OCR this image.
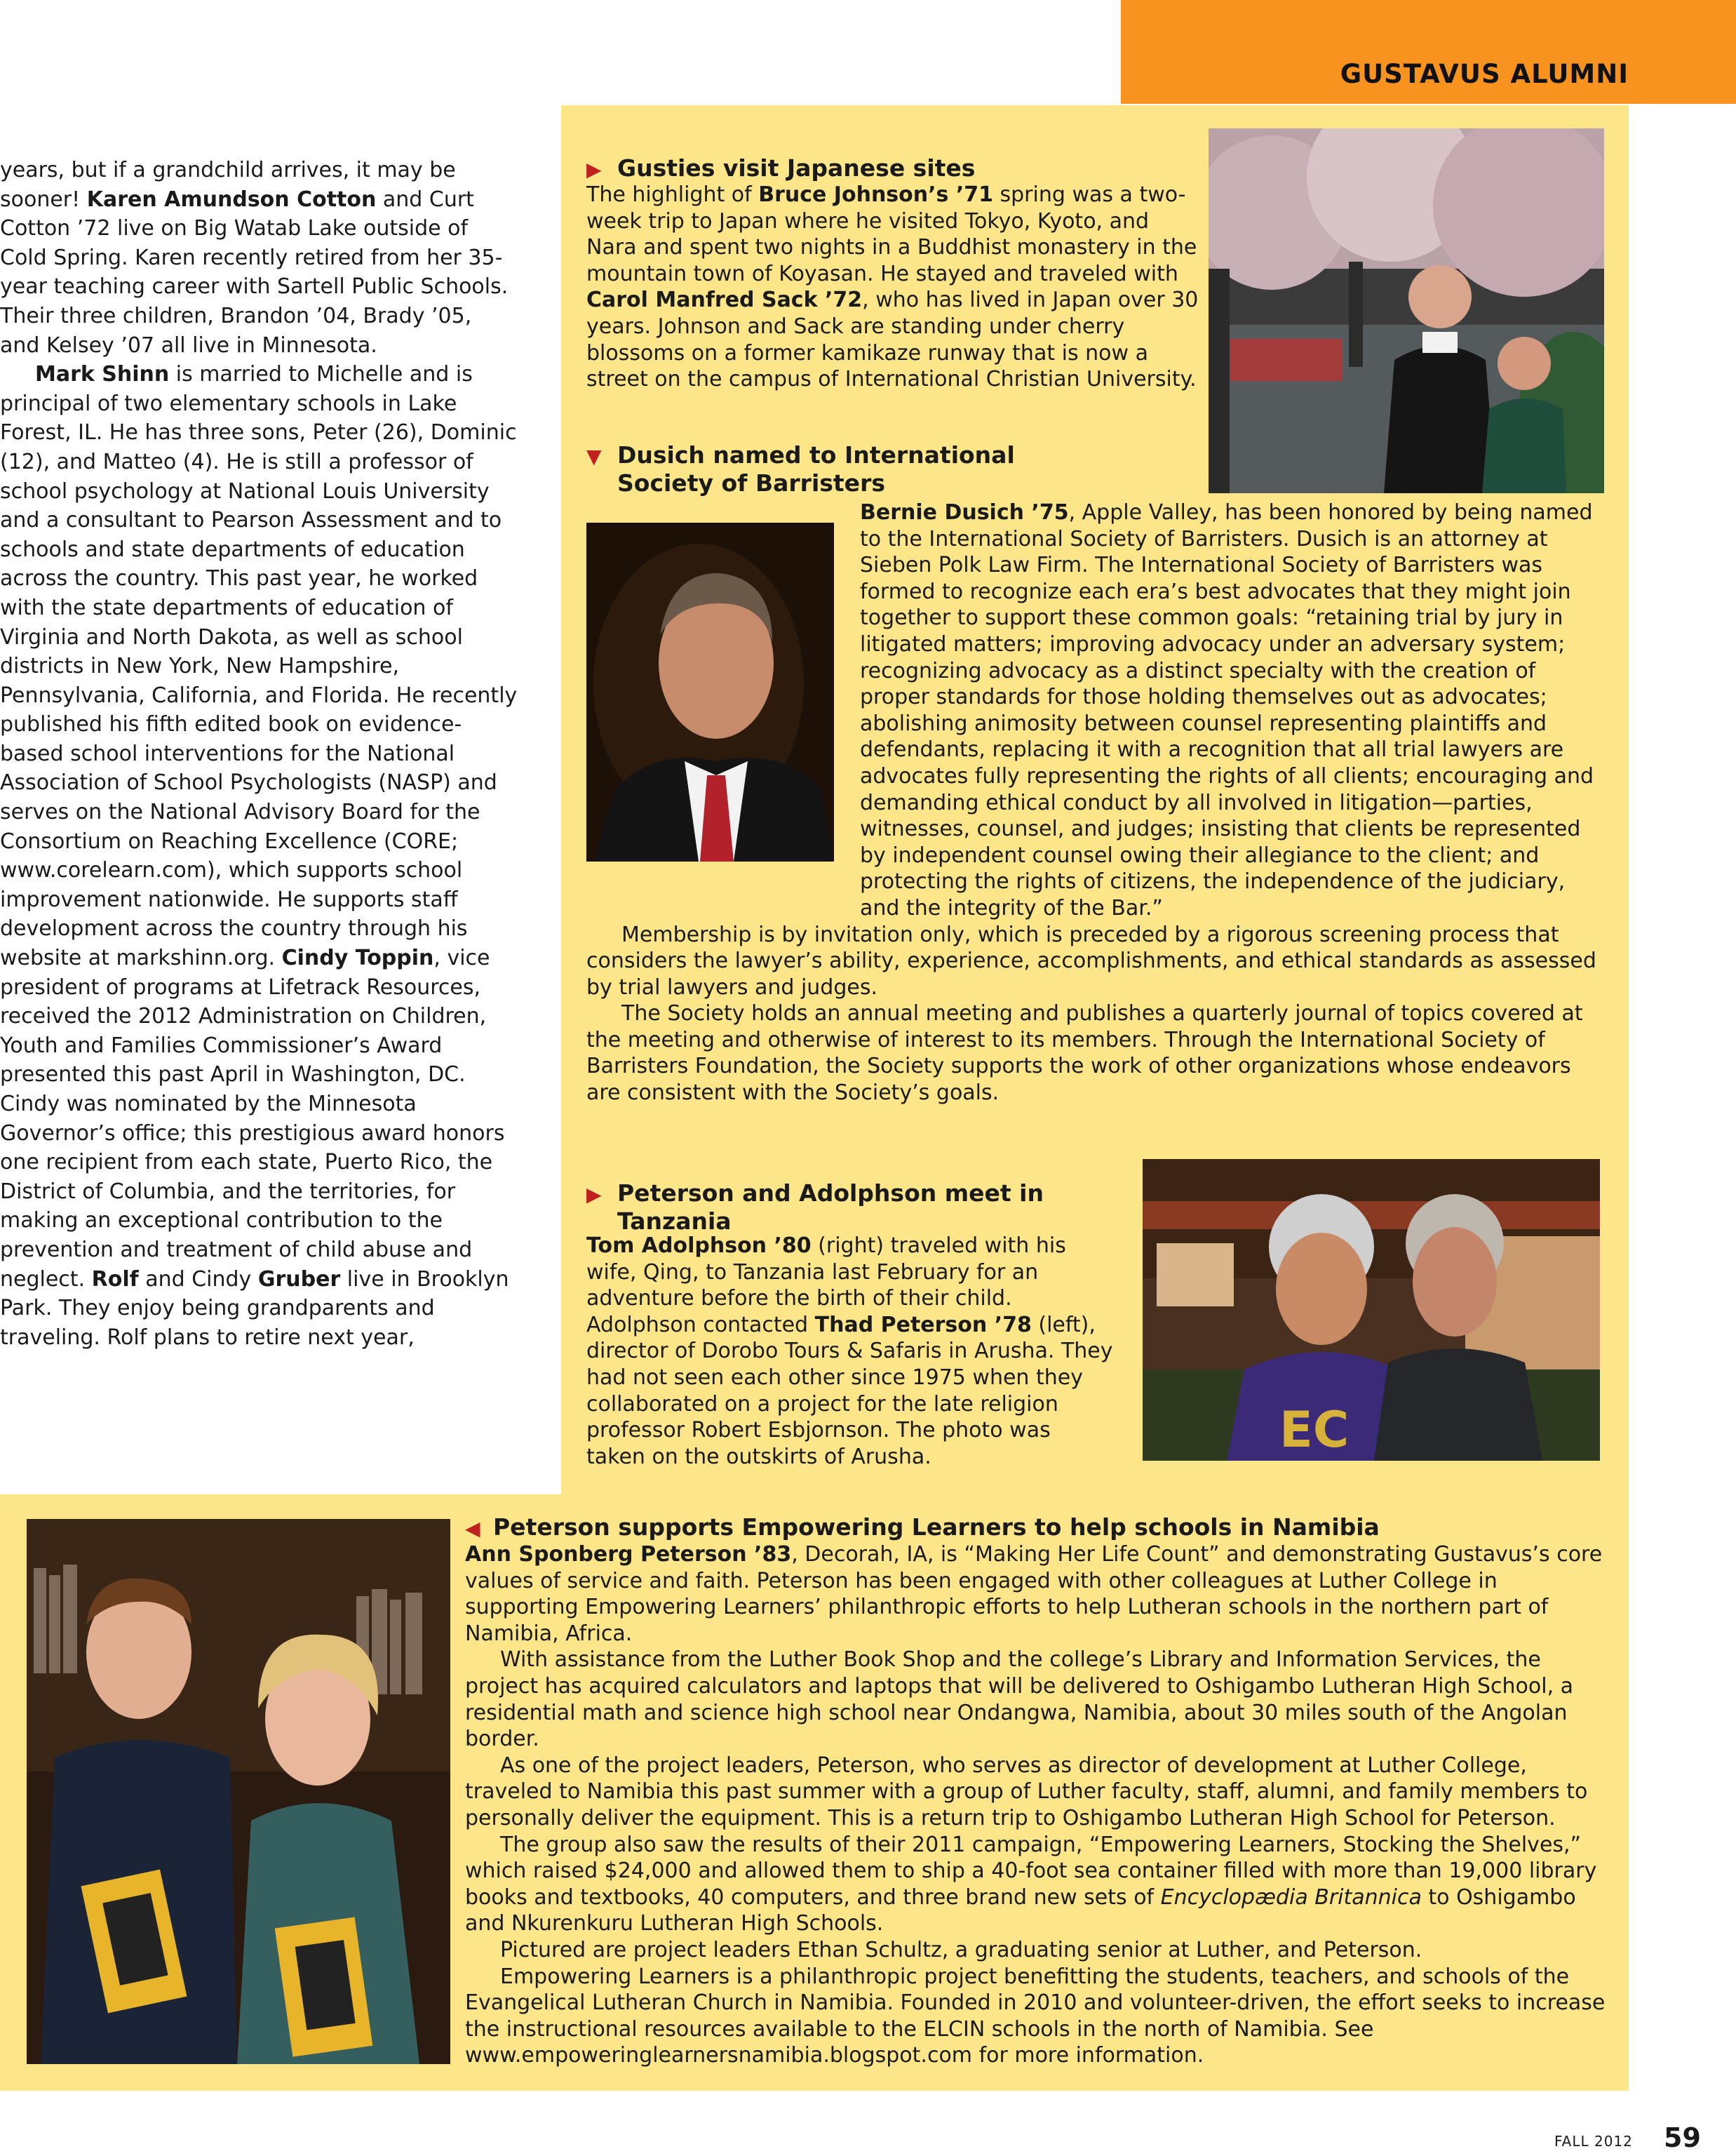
GUSTAVUS ALUMNI

years, but if a grandchild arrives, it may be sooner! Karen Amundson Cotton and Curt Cotton ’72 live on Big Watab Lake outside of Cold Spring. Karen recently retired from her 35-year teaching career with Sartell Public Schools. Their three children, Brandon ’04, Brady ’05, and Kelsey ’07 all live in Minnesota.

Mark Shinn is married to Michelle and is principal of two elementary schools in Lake Forest, IL. He has three sons, Peter (26), Dominic (12), and Matteo (4). He is still a professor of school psychology at National Louis University and a consultant to Pearson Assessment and to schools and state departments of education across the country. This past year, he worked with the state departments of education of Virginia and North Dakota, as well as school districts in New York, New Hampshire, Pennsylvania, California, and Florida. He recently published his fifth edited book on evidence-based school interventions for the National Association of School Psychologists (NASP) and serves on the National Advisory Board for the Consortium on Reaching Excellence (CORE; www.corelearn.com), which supports school improvement nationwide. He supports staff development across the country through his website at markshinn.org. Cindy Toppin, vice president of programs at Lifetrack Resources, received the 2012 Administration on Children, Youth and Families Commissioner’s Award presented this past April in Washington, DC. Cindy was nominated by the Minnesota Governor’s office; this prestigious award honors one recipient from each state, Puerto Rico, the District of Columbia, and the territories, for making an exceptional contribution to the prevention and treatment of child abuse and neglect. Rolf and Cindy Gruber live in Brooklyn Park. They enjoy being grandparents and traveling. Rolf plans to retire next year,

▶ Gusties visit Japanese sites

The highlight of Bruce Johnson’s ’71 spring was a two-week trip to Japan where he visited Tokyo, Kyoto, and Nara and spent two nights in a Buddhist monastery in the mountain town of Koyasan. He stayed and traveled with Carol Manfred Sack ’72, who has lived in Japan over 30 years. Johnson and Sack are standing under cherry blossoms on a former kamikaze runway that is now a street on the campus of International Christian University.

▼ Dusich named to International
Society of Barristers

Bernie Dusich ’75, Apple Valley, has been honored by being named to the International Society of Barristers. Dusich is an attorney at Sieben Polk Law Firm. The International Society of Barristers was formed to recognize each era’s best advocates that they might join together to support these common goals: “retaining trial by jury in litigated matters; improving advocacy under an adversary system; recognizing advocacy as a distinct specialty with the creation of proper standards for those holding themselves out as advocates; abolishing animosity between counsel representing plaintiffs and defendants, replacing it with a recognition that all trial lawyers are advocates fully representing the rights of all clients; encouraging and demanding ethical conduct by all involved in litigation—parties, witnesses, counsel, and judges; insisting that clients be represented by independent counsel owing their allegiance to the client; and protecting the rights of citizens, the independence of the judiciary, and the integrity of the Bar.”

Membership is by invitation only, which is preceded by a rigorous screening process that considers the lawyer’s ability, experience, accomplishments, and ethical standards as assessed by trial lawyers and judges.

The Society holds an annual meeting and publishes a quarterly journal of topics covered at the meeting and otherwise of interest to its members. Through the International Society of Barristers Foundation, the Society supports the work of other organizations whose endeavors are consistent with the Society’s goals.

▶ Peterson and Adolphson meet in
Tanzania

Tom Adolphson ’80 (right) traveled with his wife, Qing, to Tanzania last February for an adventure before the birth of their child. Adolphson contacted Thad Peterson ’78 (left), director of Dorobo Tours & Safaris in Arusha. They had not seen each other since 1975 when they collaborated on a project for the late religion professor Robert Esbjornson. The photo was taken on the outskirts of Arusha.	EC
◀ Peterson supports Empowering Learners to help schools in Namibia

Ann Sponberg Peterson ’83, Decorah, IA, is “Making Her Life Count” and demonstrating Gustavus’s core values of service and faith. Peterson has been engaged with other colleagues at Luther College in supporting Empowering Learners’ philanthropic efforts to help Lutheran schools in the northern part of Namibia, Africa.

With assistance from the Luther Book Shop and the college’s Library and Information Services, the project has acquired calculators and laptops that will be delivered to Oshigambo Lutheran High School, a residential math and science high school near Ondangwa, Namibia, about 30 miles south of the Angolan border.

As one of the project leaders, Peterson, who serves as director of development at Luther College, traveled to Namibia this past summer with a group of Luther faculty, staff, alumni, and family members to personally deliver the equipment. This is a return trip to Oshigambo Lutheran High School for Peterson.

The group also saw the results of their 2011 campaign, “Empowering Learners, Stocking the Shelves,” which raised $24,000 and allowed them to ship a 40-foot sea container filled with more than 19,000 library books and textbooks, 40 computers, and three brand new sets of Encyclopædia Britannica to Oshigambo and Nkurenkuru Lutheran High Schools.

Pictured are project leaders Ethan Schultz, a graduating senior at Luther, and Peterson.

Empowering Learners is a philanthropic project benefitting the students, teachers, and schools of the Evangelical Lutheran Church in Namibia. Founded in 2010 and volunteer-driven, the effort seeks to increase the instructional resources available to the ELCIN schools in the north of Namibia. See www.empoweringlearnersnamibia.blogspot.com for more information.

FALL 2012 59
